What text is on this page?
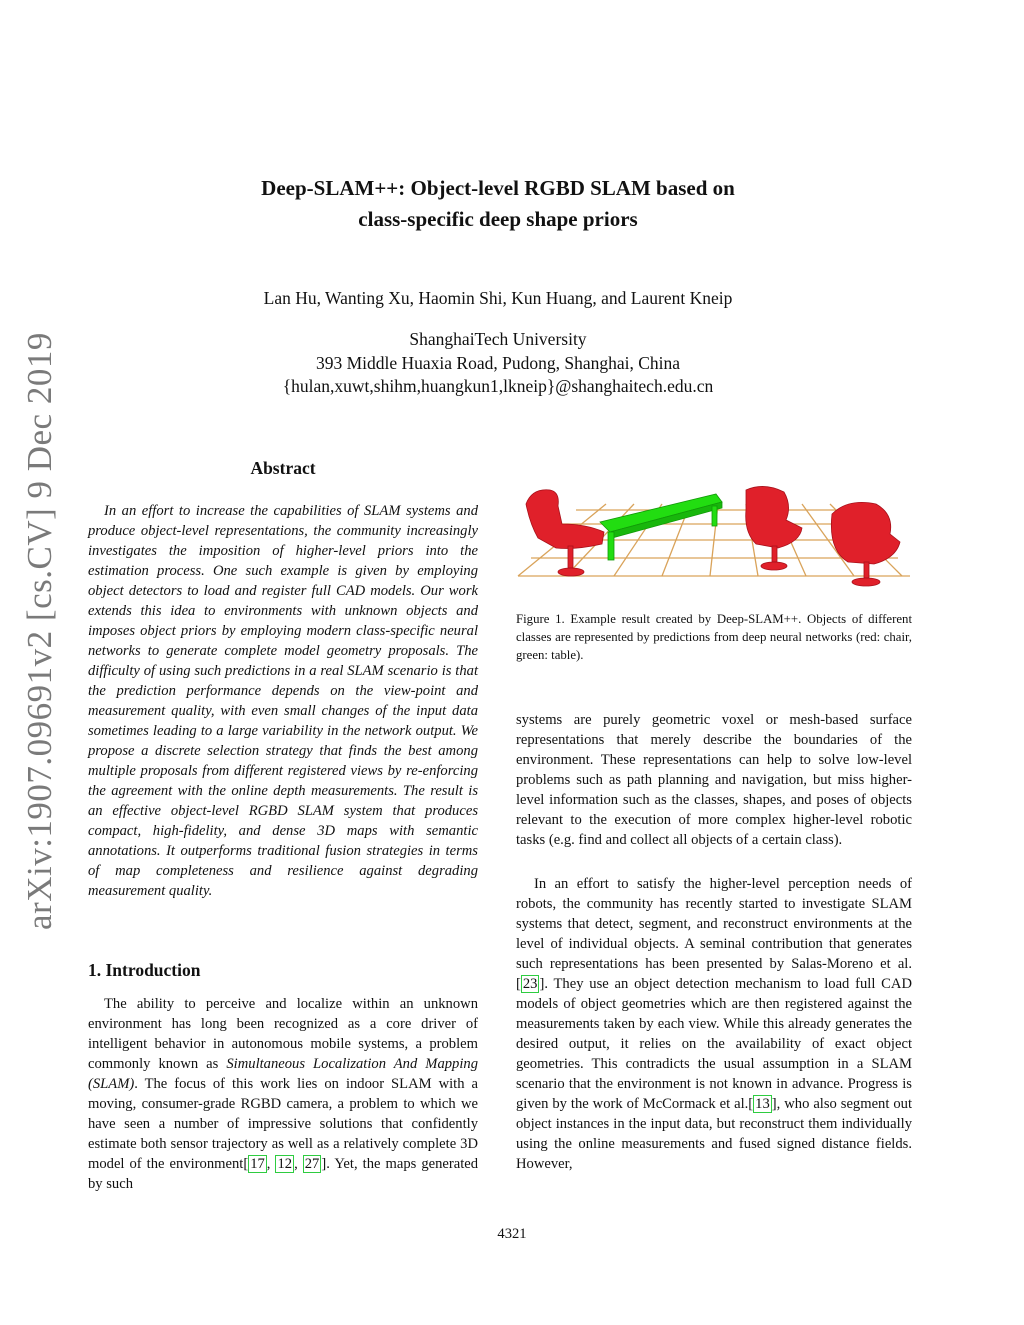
arXiv:1907.09691v2 [cs.CV] 9 Dec 2019
Deep-SLAM++: Object-level RGBD SLAM based on
class-specific deep shape priors
Lan Hu, Wanting Xu, Haomin Shi, Kun Huang, and Laurent Kneip
ShanghaiTech University
393 Middle Huaxia Road, Pudong, Shanghai, China
{hulan,xuwt,shihm,huangkun1,lkneip}@shanghaitech.edu.cn
Abstract

In an effort to increase the capabilities of SLAM systems and produce object-level representations, the community increasingly investigates the imposition of higher-level priors into the estimation process. One such example is given by employing object detectors to load and register full CAD models. Our work extends this idea to environments with unknown objects and imposes object priors by employing modern class-specific neural networks to generate complete model geometry proposals. The difficulty of using such predictions in a real SLAM scenario is that the prediction performance depends on the view-point and measurement quality, with even small changes of the input data sometimes leading to a large variability in the network output. We propose a discrete selection strategy that finds the best among multiple proposals from different registered views by re-enforcing the agreement with the online depth measurements. The result is an effective object-level RGBD SLAM system that produces compact, high-fidelity, and dense 3D maps with semantic annotations. It outperforms traditional fusion strategies in terms of map completeness and resilience against degrading measurement quality.

1. Introduction

The ability to perceive and localize within an unknown environment has long been recognized as a core driver of intelligent behavior in autonomous mobile systems, a problem commonly known as Simultaneous Localization And Mapping (SLAM). The focus of this work lies on indoor SLAM with a moving, consumer-grade RGBD camera, a problem to which we have seen a number of impressive solutions that confidently estimate both sensor trajectory as well as a relatively complete 3D model of the environment[ 17 , 12 , 27 ]. Yet, the maps generated by such

Figure 1. Example result created by Deep-SLAM++. Objects of different classes are represented by predictions from deep neural networks (red: chair, green: table).

systems are purely geometric voxel or mesh-based surface representations that merely describe the boundaries of the environment. These representations can help to solve low-level problems such as path planning and navigation, but miss higher-level information such as the classes, shapes, and poses of objects relevant to the execution of more complex higher-level robotic tasks (e.g. find and collect all objects of a certain class).

In an effort to satisfy the higher-level perception needs of robots, the community has recently started to investigate SLAM systems that detect, segment, and reconstruct environments at the level of individual objects. A seminal contribution that generates such representations has been presented by Salas-Moreno et al.[ 23 ]. They use an object detection mechanism to load full CAD models of object geometries which are then registered against the measurements taken by each view. While this already generates the desired output, it relies on the availability of exact object geometries. This contradicts the usual assumption in a SLAM scenario that the environment is not known in advance. Progress is given by the work of McCormack et al.[ 13 ], who also segment out object instances in the input data, but reconstruct them individually using the online measurements and fused signed distance fields. However,

4321
